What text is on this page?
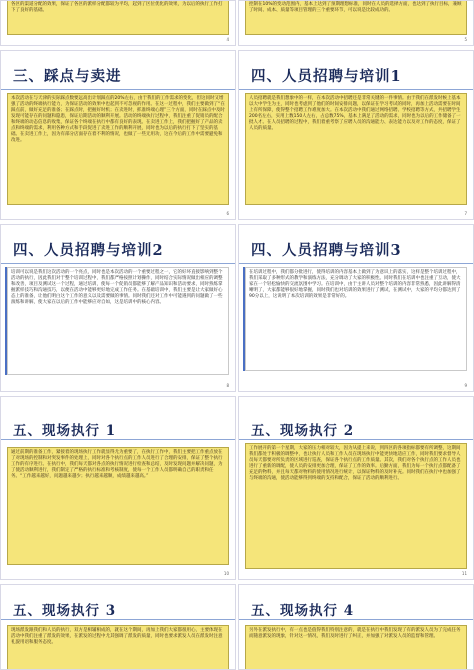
各区的渠道分配的效果，保证了各区的派样分配都较为平均，起到了区位优化的效果，为以后的执行工作打下了良好的基础。
4
控制在10%的变动范围内，基本上达到了预期理想标准，同时在人员的选择方面，也达到了执行目标，兼顾了时间、成本、质量等项目管理的三个重要环节，可以说是比较成功的。
5
三、踩点与卖进
本次活动在与天津的实际踩点数要远高出计划踩点的20%左右，由于我们的工作需求的变化，但这同时又增强了活动的终端执行能力，为保证活动的效果中也起到不可忽视的作用。在这一过程中，我们主要做到了“在踩点前，做好充足的准备；在踩点时，把握好时机；在卖进时，抓准终端心理”三个方面，同时在踩点中及时发现可能存在的问题和隐患，保证后期活动的顺利开展。活动的终端执行过程中，我们注重了促销员的配合和终端的动态信息的收集，保证各个终端在执行中都有良好的表现。在卖进工作上，我们把握好了产品的卖点和终端的需求，利用各种方式和手段促进了卖进工作的顺利开展，同时也为以后的执行打下了坚实的基础。在卖进工作上，因为有部分店面存在着不利的情况，也做了一些无用功，这在今后的工作中需要避免和改进。
6
四、人员招聘与培训1
人员招聘就是我们想象中的一样，在本次活动中招聘还是非常关键的一件事情。由于我们在派发时候上基本以大中学生为主，同时也考虑到了他们的时间安排问题，以保证在学习考试的同时，再加上活动需要在时间上有所保障，使得整个招聘工作难度加大。在本次活动中我们通过网络招聘、学校招聘等方式，共招聘学生200名左右，实用上数150人左右，占总数75%，基本上满足了活动的需求，同时也为以后的工作储备了一批人才。在人员招聘的过程中，我们着重考察了应聘人员的沟通能力、表达能力以及对工作的态度，保证了人员的质量。
7
四、人员招聘与培训2
培训可以说是我们这次活动的一个亮点，同时也是本次活动的一个重要过程之一，它的好坏直接影响到整个活动的执行，因此我们对于整个培训过程中，我们都严格按照计划操作，同时结合实际情况做出相应的调整和改善，项目及测试这一个过程，通过培训，使每一个促销员都能够了解产品知识和活动要求，同时熟练掌握派样技巧和沟通技巧，以便在活动中能够更好地完成工作任务。在基础培训中，我们主要是让大家做好心态上的准备，让他们明白这个工作的意义以及需要做的事情。同时我们还对工作中可能遇到的问题做了一些演练和讲解，使大家在以后的工作中能够应对自如，这是培训中的核心内容。
8
四、人员招聘与培训3
在培训过程中，我们都分批进行，使得培训的内容基本上做到了为意识上的落实，这样是整个培训过程中，我们采取了多种形式的教学和演练方法，充分调动了大家的积极性。同时我们在培训中也注重了互动，使大家在一个轻松愉快的交流氛围中学习。在培训中，由于主讲人员对整个培训的内容非常熟悉，因此讲解得清晰明了，大家都能够很好地掌握，同时我们也对培训的效果进行了测试，在测试中，大家的平均分都达到了90分以上，这说明了本次培训的效果是非常好的。
9
五、现场执行 1
通过前期的准备工作，紧接着的现场执行工作就显得尤为重要了，在执行工作中，我们主要把工作重点放在了对现场的控制和对突发事件的处理上，同时对各个执行点的工作人员进行了合理的安排，保证了整个执行工作的有序进行。在执行中，我们每天都对各点的执行情况进行检查和总结，及时发现问题并解决问题，为了使活动顺利进行，我们制定了严格的执行标准和考核制度，使每一个工作人员都明确自己的职责和任务。“工作越来越好，问题越来越少；执行越来越顺，成绩越来越高。”
10
五、现场执行 2
工作展开的第一个星期，大家的压力相对较大，因为从提上来说，到四区的各项指标都要有所调整，这期间我们都处于积极的调整中，也让执行人员和工作人员在现场执行中能更快地适应工作，同时我们要求督导人员每天都要对所负责的区域进行巡查，保证各个执行点的工作质量。其次，我们对各个执行点的工作人员也进行了重新的调配，使人员的安排更加合理，保证了工作的效率。后勤方面，我们为每一个执行点都配备了充足的物料，并且每天都对物料的使用情况进行统计，以保证物料的及时补充。同时我们在执行中也加强了与终端的沟通，使活动能够得到终端的支持和配合，保证了活动的顺利进行。
11
五、现场执行 3
现场派发跟我们和人员的执行，双方是相辅相成的，就在这个期间，再加上我们大家都很用心，主要体现在活动中我们注重了派发的效果，在派发的过程中尤其强调了派发的质量，同时也要求派发人员在派发时注意礼貌用语和服务态度。
五、现场执行 4
另外在派发执行中，有一点也是值得我们特别注意的，就是在执行中我们发现了有的派发人员为了完成任务而随意派发的现象，针对这一情况，我们及时进行了纠正，并加强了对派发人员的监督和管理。
